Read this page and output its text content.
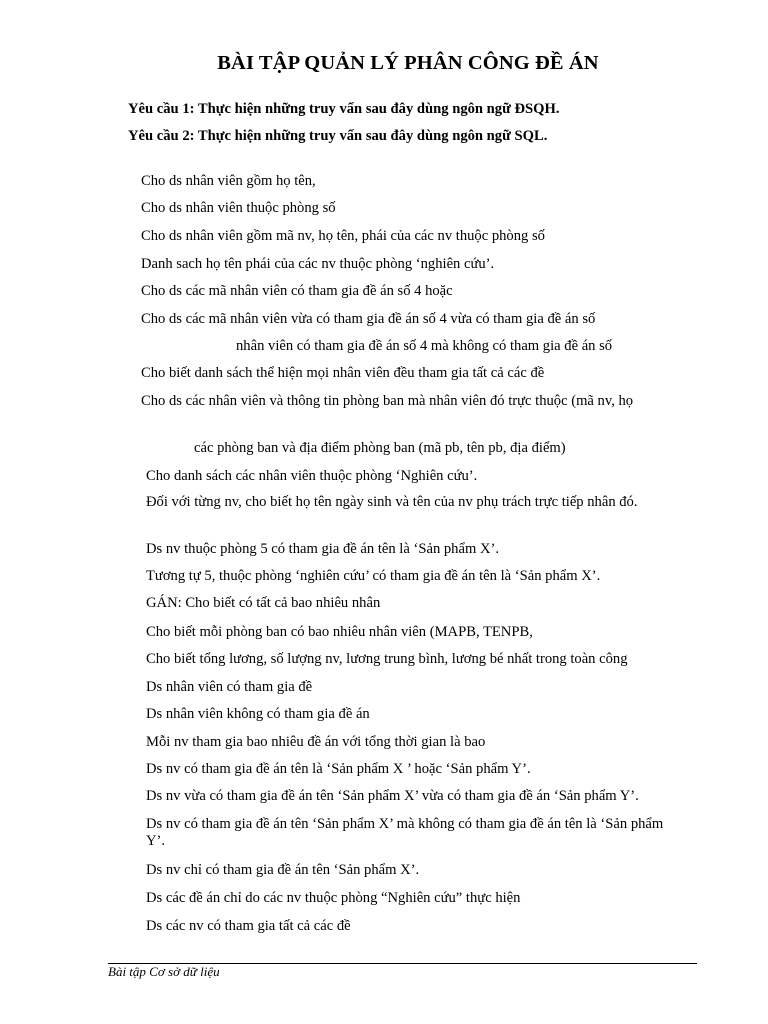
BÀI TẬP QUẢN LÝ PHÂN CÔNG ĐỀ ÁN
Yêu cầu 1: Thực hiện những truy vấn sau đây dùng ngôn ngữ ĐSQH.
Yêu cầu 2: Thực hiện những truy vấn sau đây dùng ngôn ngữ SQL.
Cho ds nhân viên gồm họ tên,
Cho ds nhân viên thuộc phòng số
Cho ds nhân viên gồm mã nv, họ tên, phái của các nv thuộc phòng số
Danh sach họ tên phái của các nv thuộc phòng ‘nghiên cứu’.
Cho ds các mã nhân viên có tham gia đề án số 4 hoặc
Cho ds các mã nhân viên vừa có tham gia đề án số 4 vừa có tham gia đề án số
nhân viên có tham gia đề án số 4 mà không có tham gia đề án số
Cho biết danh sách thể hiện mọi nhân viên đều tham gia tất cả các đề
Cho ds các nhân viên và thông tin phòng ban mà nhân viên đó trực thuộc (mã nv, họ
các phòng ban và địa điểm phòng ban (mã pb, tên pb, địa điểm)
Cho danh sách các nhân viên thuộc phòng ‘Nghiên cứu’.
Đối với từng nv, cho biết họ tên ngày sinh và tên của nv phụ trách trực tiếp nhân đó.
Ds nv thuộc phòng 5 có tham gia đề án tên là ‘Sản phẩm X’.
Tương tự 5, thuộc phòng ‘nghiên cứu’ có tham gia đề án tên là ‘Sản phẩm X’.
GÁN: Cho biết có tất cả bao nhiêu nhân
Cho biết mỗi phòng ban có bao nhiêu nhân viên (MAPB, TENPB,
Cho biết tổng lương, số lượng nv, lương trung bình, lương bé nhất trong toàn công
Ds nhân viên có tham gia đề
Ds nhân viên không có tham gia đề án
Mỗi nv tham gia bao nhiêu đề án với tổng thời gian là bao
Ds nv có tham gia đề án tên là ‘Sản phẩm X ’ hoặc ‘Sản phẩm Y’.
Ds nv vừa có tham gia đề án tên ‘Sản phẩm X’ vừa có tham gia đề án ‘Sản phẩm Y’.
Ds nv có tham gia đề án tên ‘Sản phẩm X’ mà không có tham gia đề án tên là ‘Sản phẩm Y’.
Ds nv chỉ có tham gia đề án tên ‘Sản phẩm X’.
Ds các đề án chỉ do các nv thuộc phòng “Nghiên cứu” thực hiện
Ds các nv có tham gia tất cả các đề
Bài tập Cơ sở dữ liệu
